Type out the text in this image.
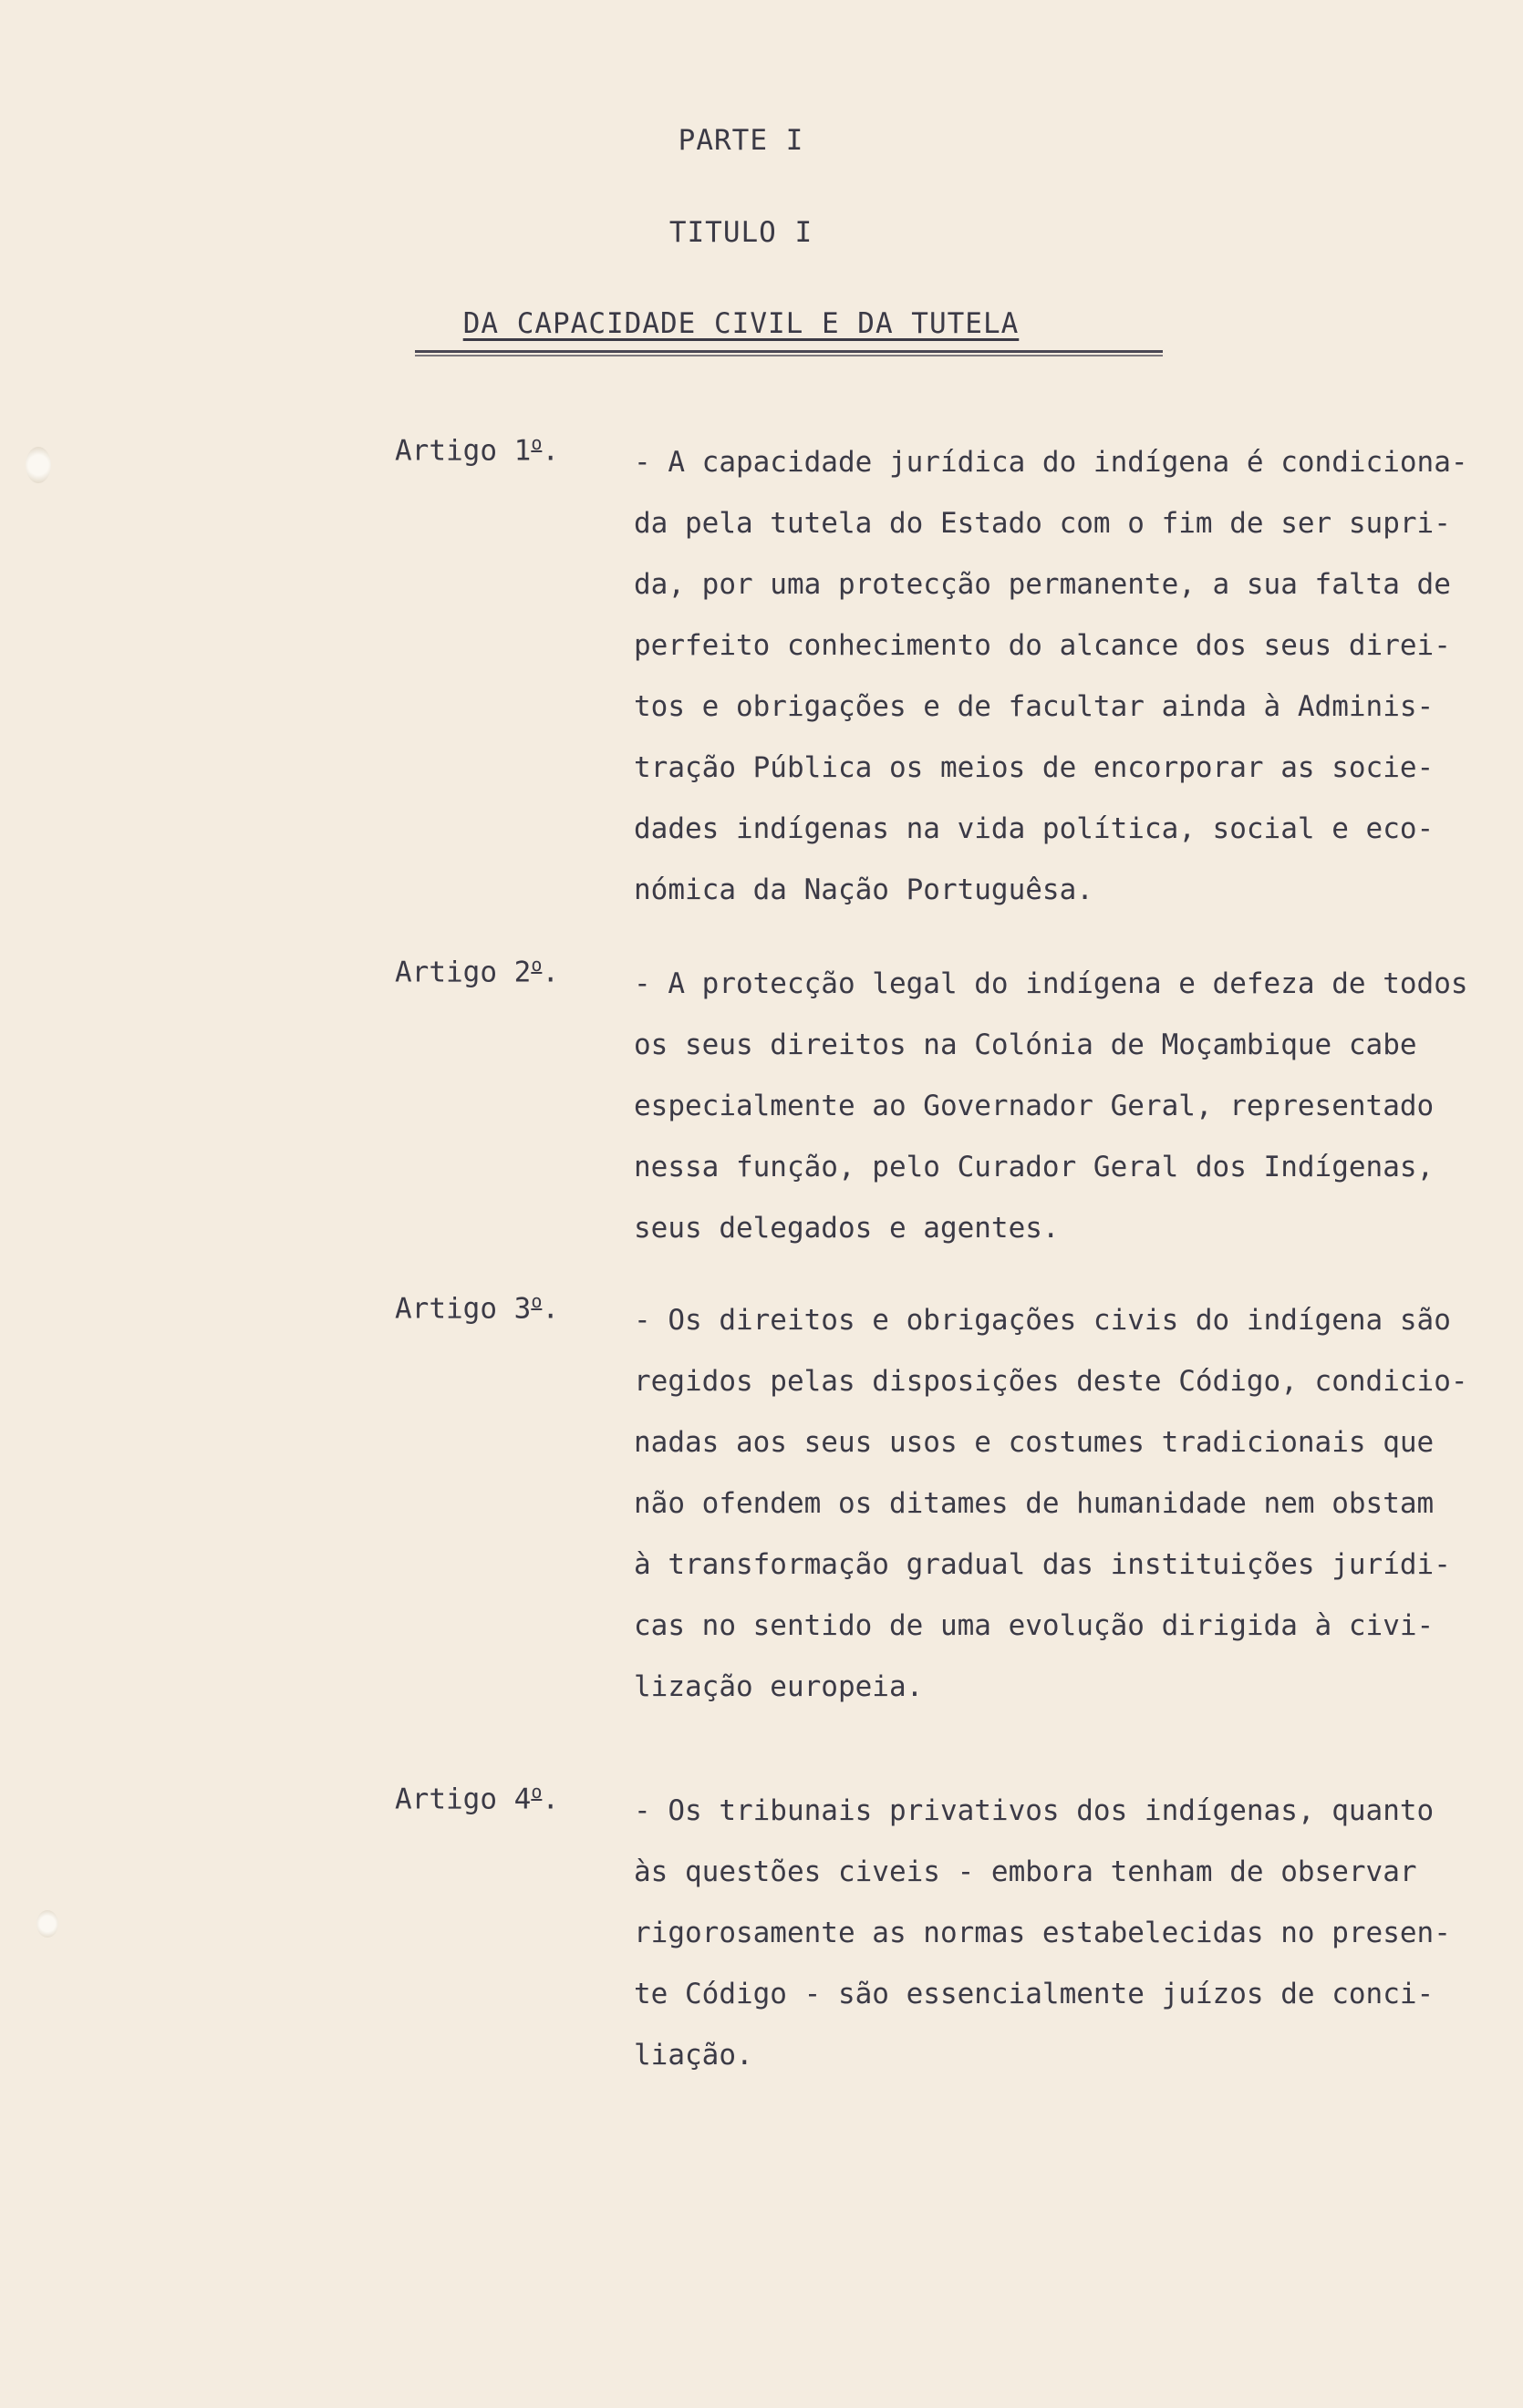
PARTE I
TITULO I
DA CAPACIDADE CIVIL E DA TUTELA
Artigo 1$^o$.	- A capacidade jurídica do indígena é condiciona-
da pela tutela do Estado com o fim de ser supri-
da, por uma protecção permanente, a sua falta de
perfeito conhecimento do alcance dos seus direi-
tos e obrigações e de facultar ainda à Adminis-
tração Pública os meios de encorporar as socie-
dades indígenas na vida política, social e eco-
nómica da Nação Portuguêsa.
Artigo 2$^o$.	- A protecção legal do indígena e defeza de todos
os seus direitos na Colónia de Moçambique cabe
especialmente ao Governador Geral, representado
nessa função, pelo Curador Geral dos Indígenas,
seus delegados e agentes.
Artigo 3$^o$.	- Os direitos e obrigações civis do indígena são
regidos pelas disposições deste Código, condicio-
nadas aos seus usos e costumes tradicionais que
não ofendem os ditames de humanidade nem obstam
à transformação gradual das instituições jurídi-
cas no sentido de uma evolução dirigida à civi-
lização europeia.
Artigo 4$^o$.	- Os tribunais privativos dos indígenas, quanto
às questões civeis - embora tenham de observar
rigorosamente as normas estabelecidas no presen-
te Código - são essencialmente juízos de conci-
liação.
